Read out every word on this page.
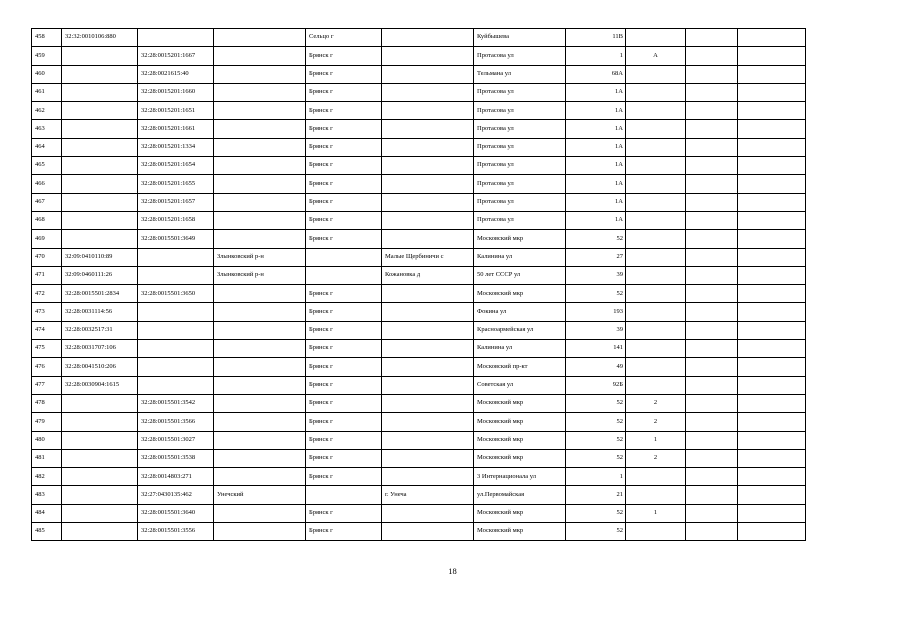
458	32:32:0010106:880			Сельцо г		Куйбышева	11В			
459		32:28:0015201:1667		Брянск г		Протасова ул	1	А		
460		32:28:0021615:40		Брянск г		Тельмана ул	68А			
461		32:28:0015201:1660		Брянск г		Протасова ул	1А			
462		32:28:0015201:1651		Брянск г		Протасова ул	1А			
463		32:28:0015201:1661		Брянск г		Протасова ул	1А			
464		32:28:0015201:1334		Брянск г		Протасова ул	1А			
465		32:28:0015201:1654		Брянск г		Протасова ул	1А			
466		32:28:0015201:1655		Брянск г		Протасова ул	1А			
467		32:28:0015201:1657		Брянск г		Протасова ул	1А			
468		32:28:0015201:1658		Брянск г		Протасова ул	1А			
469		32:28:0015501:3649		Брянск г		Московский мкр	52			
470	32:09:0410110:89		Злынковский р-н		Малые Щербиничи с	Калинина ул	27			
471	32:09:0460111:26		Злынковский р-н		Кожановка д	50 лет СССР ул	39			
472	32:28:0015501:2834	32:28:0015501:3650		Брянск г		Московский мкр	52			
473	32:28:0031114:56			Брянск г		Фокина ул	193			
474	32:28:0032517:31			Брянск г		Красноармейская ул	39			
475	32:28:0031707:106			Брянск г		Калинина ул	141			
476	32:28:0041510:206			Брянск г		Московский пр-кт	49			
477	32:28:0030904:1615			Брянск г		Советская ул	92Б			
478		32:28:0015501:3542		Брянск г		Московский мкр	52	2		
479		32:28:0015501:3566		Брянск г		Московский мкр	52	2		
480		32:28:0015501:3027		Брянск г		Московский мкр	52	1		
481		32:28:0015501:3538		Брянск г		Московский мкр	52	2		
482		32:28:0014803:271		Брянск г		3 Интернационала ул	1			
483		32:27:0430135:462	Унечский		г. Унеча	ул.Первомайская	21			
484		32:28:0015501:3640		Брянск г		Московский мкр	52	1		
485		32:28:0015501:3556		Брянск г		Московский мкр	52			
18
